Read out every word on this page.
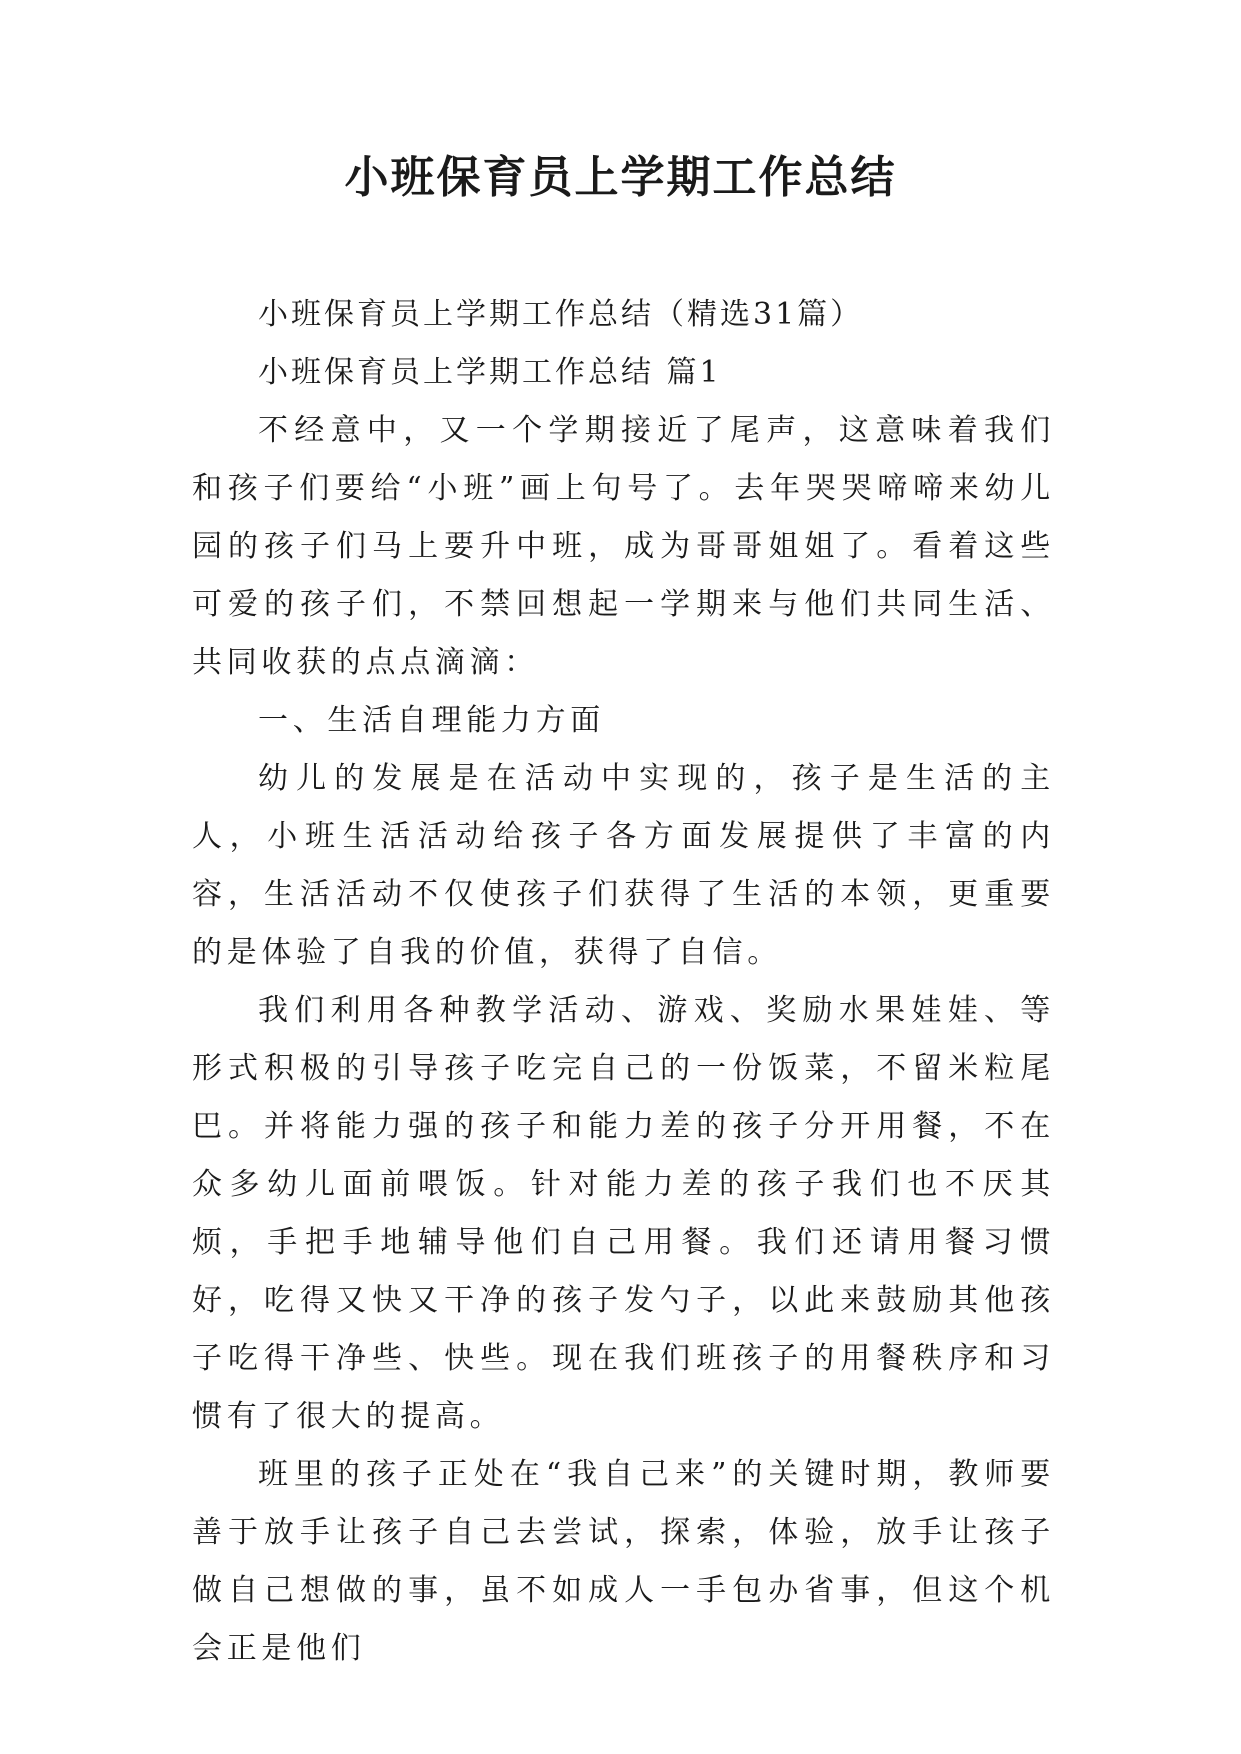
小班保育员上学期工作总结

小班保育员上学期工作总结（精选31篇）

小班保育员上学期工作总结 篇1

不经意中，又一个学期接近了尾声，这意味着我们和孩子们要给“小班”画上句号了。去年哭哭啼啼来幼儿园的孩子们马上要升中班，成为哥哥姐姐了。看着这些可爱的孩子们，不禁回想起一学期来与他们共同生活、共同收获的点点滴滴：

一、生活自理能力方面

幼儿的发展是在活动中实现的，孩子是生活的主人，小班生活活动给孩子各方面发展提供了丰富的内容，生活活动不仅使孩子们获得了生活的本领，更重要的是体验了自我的价值，获得了自信。

我们利用各种教学活动、游戏、奖励水果娃娃、等形式积极的引导孩子吃完自己的一份饭菜，不留米粒尾巴。并将能力强的孩子和能力差的孩子分开用餐，不在众多幼儿面前喂饭。针对能力差的孩子我们也不厌其烦，手把手地辅导他们自己用餐。我们还请用餐习惯好，吃得又快又干净的孩子发勺子，以此来鼓励其他孩子吃得干净些、快些。现在我们班孩子的用餐秩序和习惯有了很大的提高。

班里的孩子正处在“我自己来”的关键时期，教师要善于放手让孩子自己去尝试，探索，体验，放手让孩子做自己想做的事，虽不如成人一手包办省事，但这个机会正是他们
